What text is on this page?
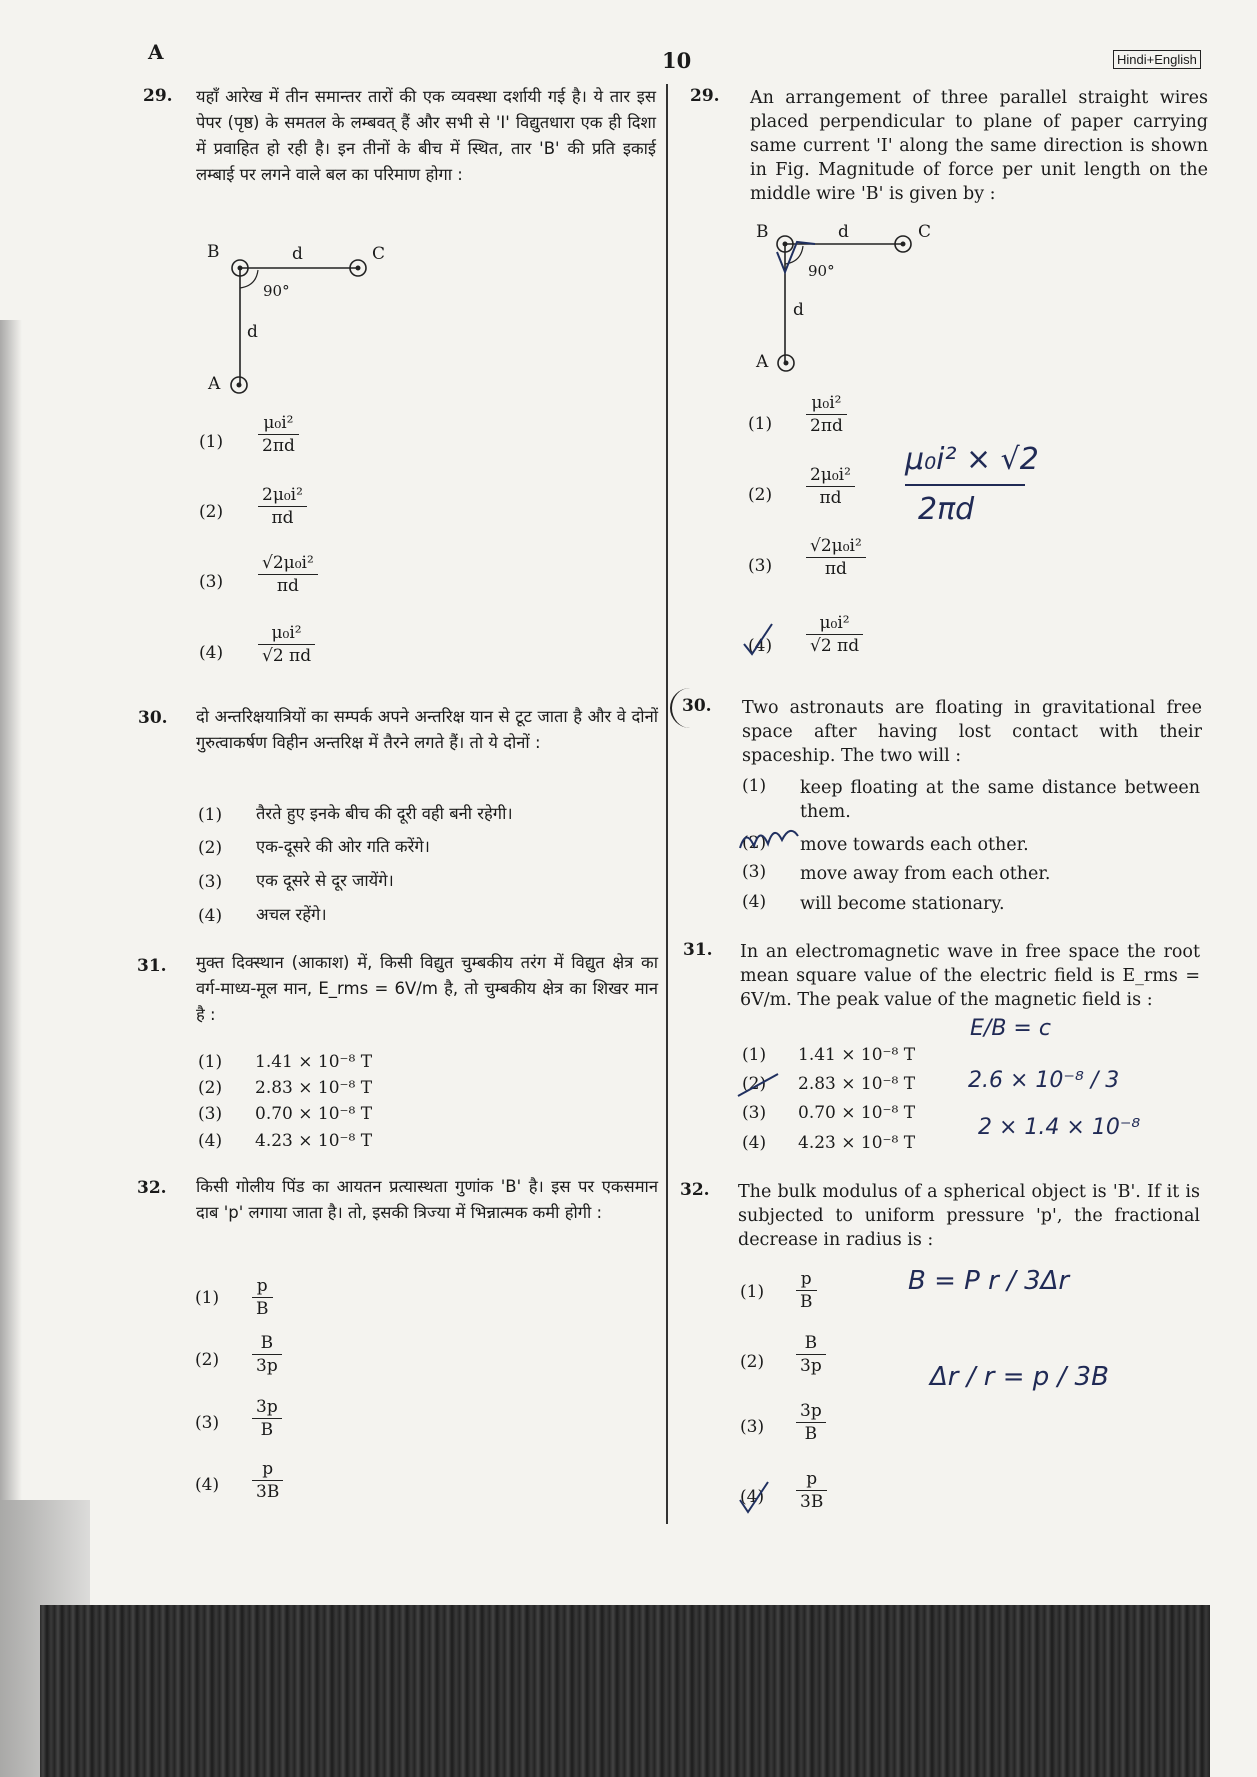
A	10	Hindi+English
29. यहाँ आरेख में तीन समान्तर तारों की एक व्यवस्था दर्शायी गई है। ये तार इस पेपर (पृष्ठ) के समतल के लम्बवत् हैं और सभी से 'I' विद्युतधारा एक ही दिशा में प्रवाहित हो रही है। इन तीनों के बीच में स्थित, तार 'B' की प्रति इकाई लम्बाई पर लगने वाले बल का परिमाण होगा :
B	C
d
90°
d
A
$(1) \frac{\text{μ₀i²}}{2\pi d}$
$(2) \frac{\text{2μ₀i²}}{\pi d}$
$(3) \frac{\text{√2μ₀i²}}{\pi d}$
$(4) \frac{\text{μ₀i²}}{√2 \pi d}$
30. दो अन्तरिक्षयात्रियों का सम्पर्क अपने अन्तरिक्ष यान से टूट जाता है और वे दोनों गुरुत्वाकर्षण विहीन अन्तरिक्ष में तैरने लगते हैं। तो ये दोनों :
(1) तैरते हुए इनके बीच की दूरी वही बनी रहेगी।
(2) एक-दूसरे की ओर गति करेंगे।
(3) एक दूसरे से दूर जायेंगे।
(4) अचल रहेंगे।
31. मुक्त दिक्स्थान (आकाश) में, किसी विद्युत चुम्बकीय तरंग में विद्युत क्षेत्र का वर्ग-माध्य-मूल मान, E_rms = 6V/m है, तो चुम्बकीय क्षेत्र का शिखर मान है :
(1) 1.41 × 10⁻⁸ T
(2) 2.83 × 10⁻⁸ T
(3) 0.70 × 10⁻⁸ T
(4) 4.23 × 10⁻⁸ T
32. किसी गोलीय पिंड का आयतन प्रत्यास्थता गुणांक 'B' है। इस पर एकसमान दाब 'p' लगाया जाता है। तो, इसकी त्रिज्या में भिन्नात्मक कमी होगी :
$(1) \frac{p}{B}$
$(2) \frac{B}{3p}$
$(3) \frac{3p}{B}$
$(4) \frac{p}{3B}$
29. An arrangement of three parallel straight wires placed perpendicular to plane of paper carrying same current 'I' along the same direction is shown in Fig. Magnitude of force per unit length on the middle wire 'B' is given by :
B	C
d
90°
d
A
$(1) \frac{\text{μ₀i²}}{2\pi d}$
$(2) \frac{\text{2μ₀i²}}{\pi d}$
$(3) \frac{\text{√2μ₀i²}}{\pi d}$
$(4) \frac{\text{μ₀i²}}{√2 \pi d}$
μ₀i² × √2
2πd
30. Two astronauts are floating in gravitational free space after having lost contact with their spaceship. The two will :
(1) keep floating at the same distance between them.
(2) move towards each other.
(3) move away from each other.
(4) will become stationary.
31. In an electromagnetic wave in free space the root mean square value of the electric field is E_rms = 6V/m. The peak value of the magnetic field is :
(1) 1.41 × 10⁻⁸ T
(2) 2.83 × 10⁻⁸ T
(3) 0.70 × 10⁻⁸ T
(4) 4.23 × 10⁻⁸ T
E/B = c
2.6 × 10⁻⁸ / 3
2 × 1.4 × 10⁻⁸
32. The bulk modulus of a spherical object is 'B'. If it is subjected to uniform pressure 'p', the fractional decrease in radius is :
$(1) \frac{p}{B}$
$(2) \frac{B}{3p}$
$(3) \frac{3p}{B}$
$(4) \frac{p}{3B}$
B = P r / 3Δr
Δr / r = p / 3B
